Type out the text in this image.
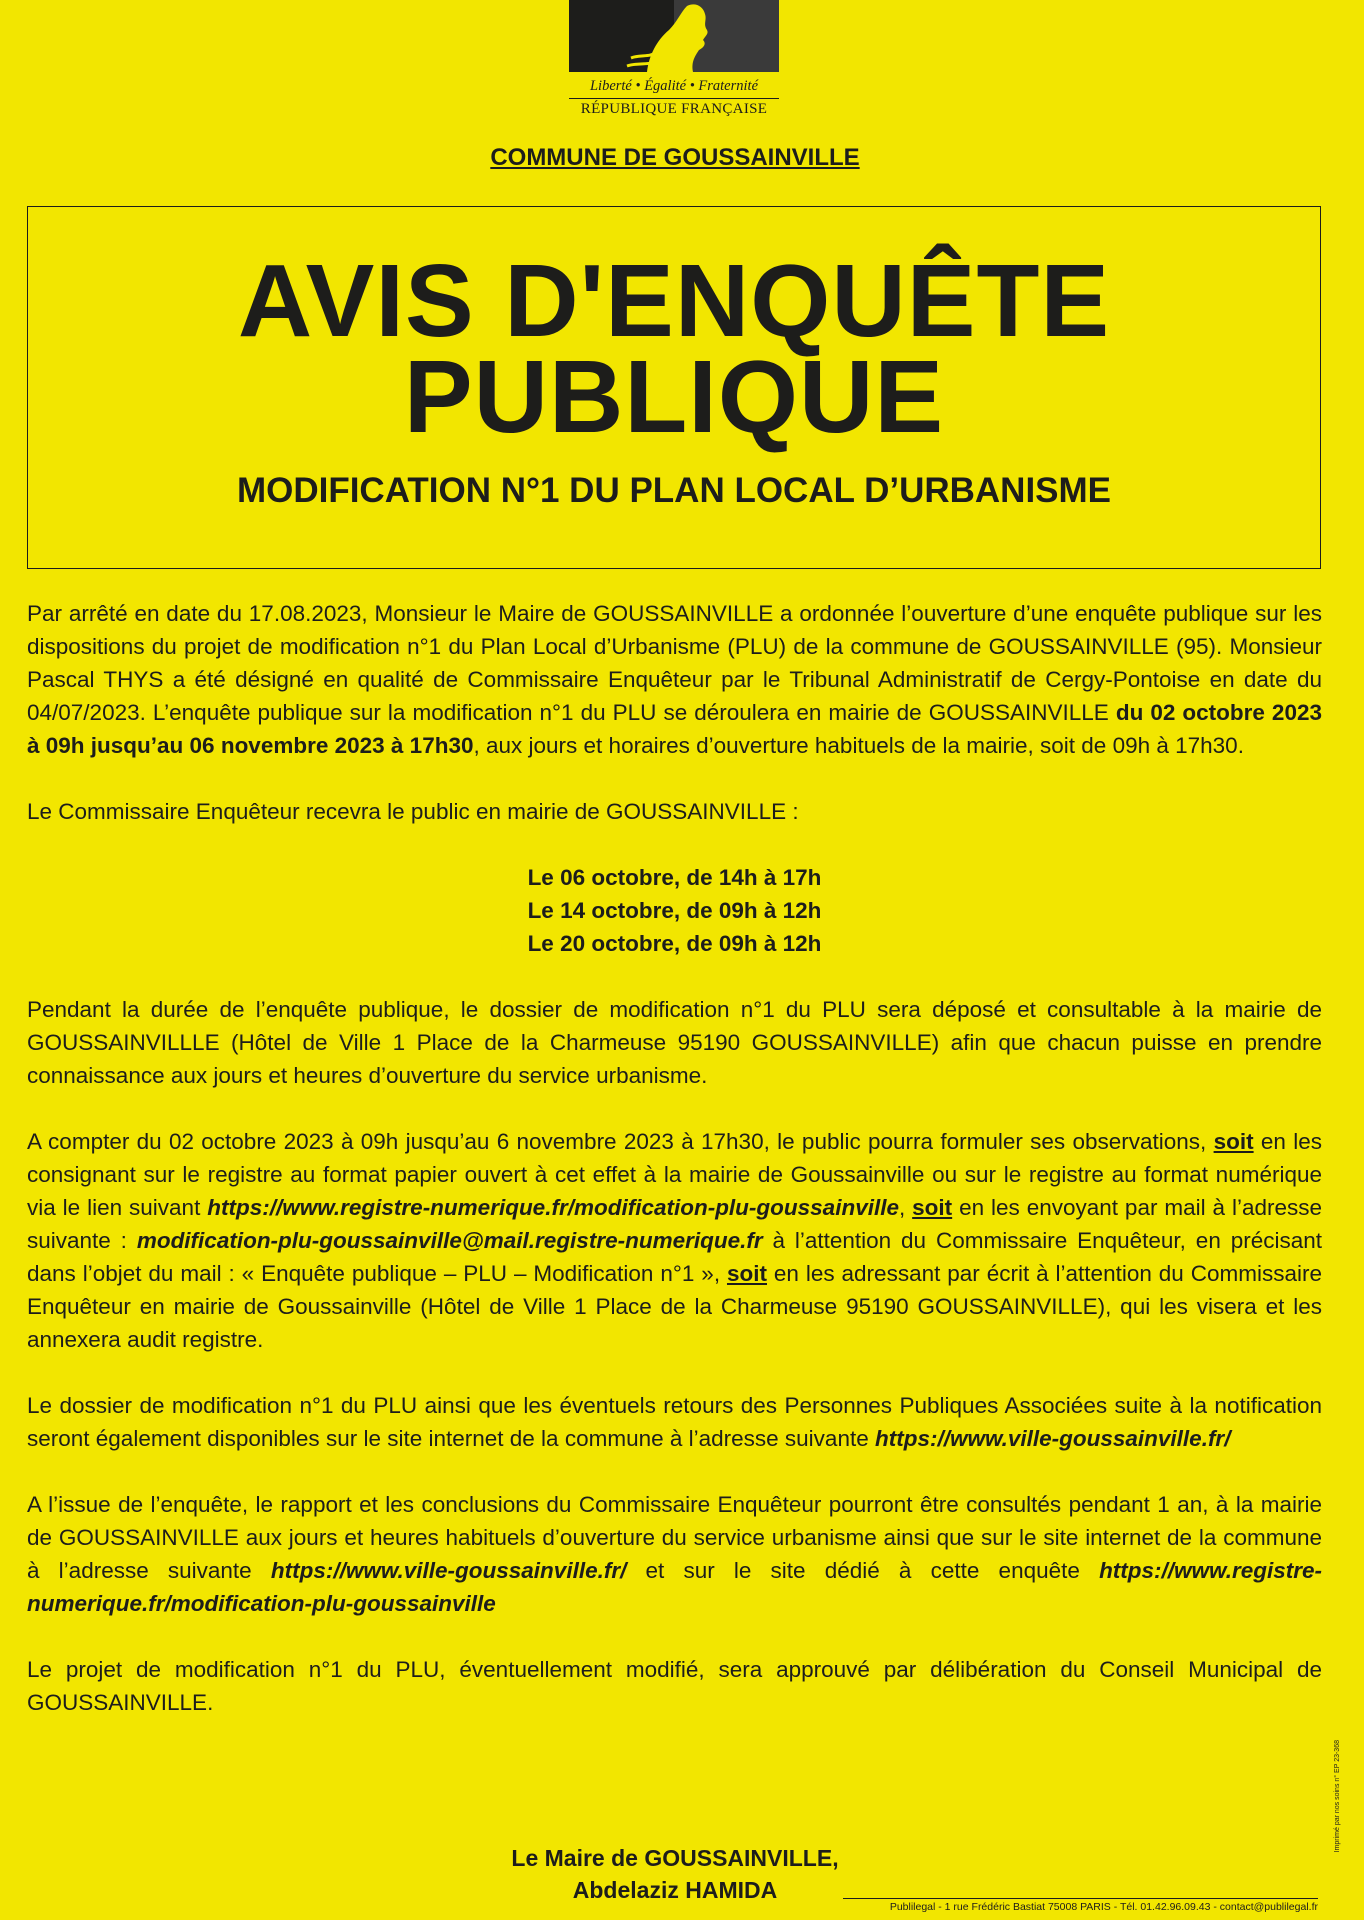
Liberté • Égalité • Fraternité
RÉPUBLIQUE FRANÇAISE
COMMUNE DE GOUSSAINVILLE
AVIS D'ENQUÊTE
PUBLIQUE
MODIFICATION N°1 DU PLAN LOCAL D’URBANISME

Par arrêté en date du 17.08.2023, Monsieur le Maire de GOUSSAINVILLE a ordonnée l’ouverture d’une enquête publique sur les dispositions du projet de modification n°1 du Plan Local d’Urbanisme (PLU) de la commune de GOUSSAINVILLE (95). Monsieur Pascal THYS a été désigné en qualité de Commissaire Enquêteur par le Tribunal Administratif de Cergy-Pontoise en date du 04/07/2023. L’enquête publique sur la modification n°1 du PLU se déroulera en mairie de GOUSSAINVILLE du 02 octobre 2023 à 09h jusqu’au 06 novembre 2023 à 17h30, aux jours et horaires d’ouverture habituels de la mairie, soit de 09h à 17h30.

Le Commissaire Enquêteur recevra le public en mairie de GOUSSAINVILLE :

Le 06 octobre, de 14h à 17h
Le 14 octobre, de 09h à 12h
Le 20 octobre, de 09h à 12h

Pendant la durée de l’enquête publique, le dossier de modification n°1 du PLU sera déposé et consultable à la mairie de GOUSSAINVILLLE (Hôtel de Ville 1 Place de la Charmeuse 95190 GOUSSAINVILLE) afin que chacun puisse en prendre connaissance aux jours et heures d’ouverture du service urbanisme.

A compter du 02 octobre 2023 à 09h jusqu’au 6 novembre 2023 à 17h30, le public pourra formuler ses observations, soit en les consignant sur le registre au format papier ouvert à cet effet à la mairie de Goussainville ou sur le registre au format numérique via le lien suivant https://www.registre-numerique.fr/modification-plu-goussainville, soit en les envoyant par mail à l’adresse suivante : modification-plu-goussainville@mail.registre-numerique.fr à l’attention du Commissaire Enquêteur, en précisant dans l’objet du mail : « Enquête publique – PLU – Modification n°1 », soit en les adressant par écrit à l’attention du Commissaire Enquêteur en mairie de Goussainville (Hôtel de Ville 1 Place de la Charmeuse 95190 GOUSSAINVILLE), qui les visera et les annexera audit registre.

Le dossier de modification n°1 du PLU ainsi que les éventuels retours des Personnes Publiques Associées suite à la notification seront également disponibles sur le site internet de la commune à l’adresse suivante https://www.ville-goussainville.fr/

A l’issue de l’enquête, le rapport et les conclusions du Commissaire Enquêteur pourront être consultés pendant 1 an, à la mairie de GOUSSAINVILLE aux jours et heures habituels d’ouverture du service urbanisme ainsi que sur le site internet de la commune à l’adresse suivante https://www.ville-goussainville.fr/ et sur le site dédié à cette enquête https://www.registre-numerique.fr/modification-plu-goussainville

Le projet de modification n°1 du PLU, éventuellement modifié, sera approuvé par délibération du Conseil Municipal de GOUSSAINVILLE.

Le Maire de GOUSSAINVILLE,
Abdelaziz HAMIDA
Publilegal - 1 rue Frédéric Bastiat 75008 PARIS - Tél. 01.42.96.09.43 - contact@publilegal.fr
Imprimé par nos soins n° EP 23-368
